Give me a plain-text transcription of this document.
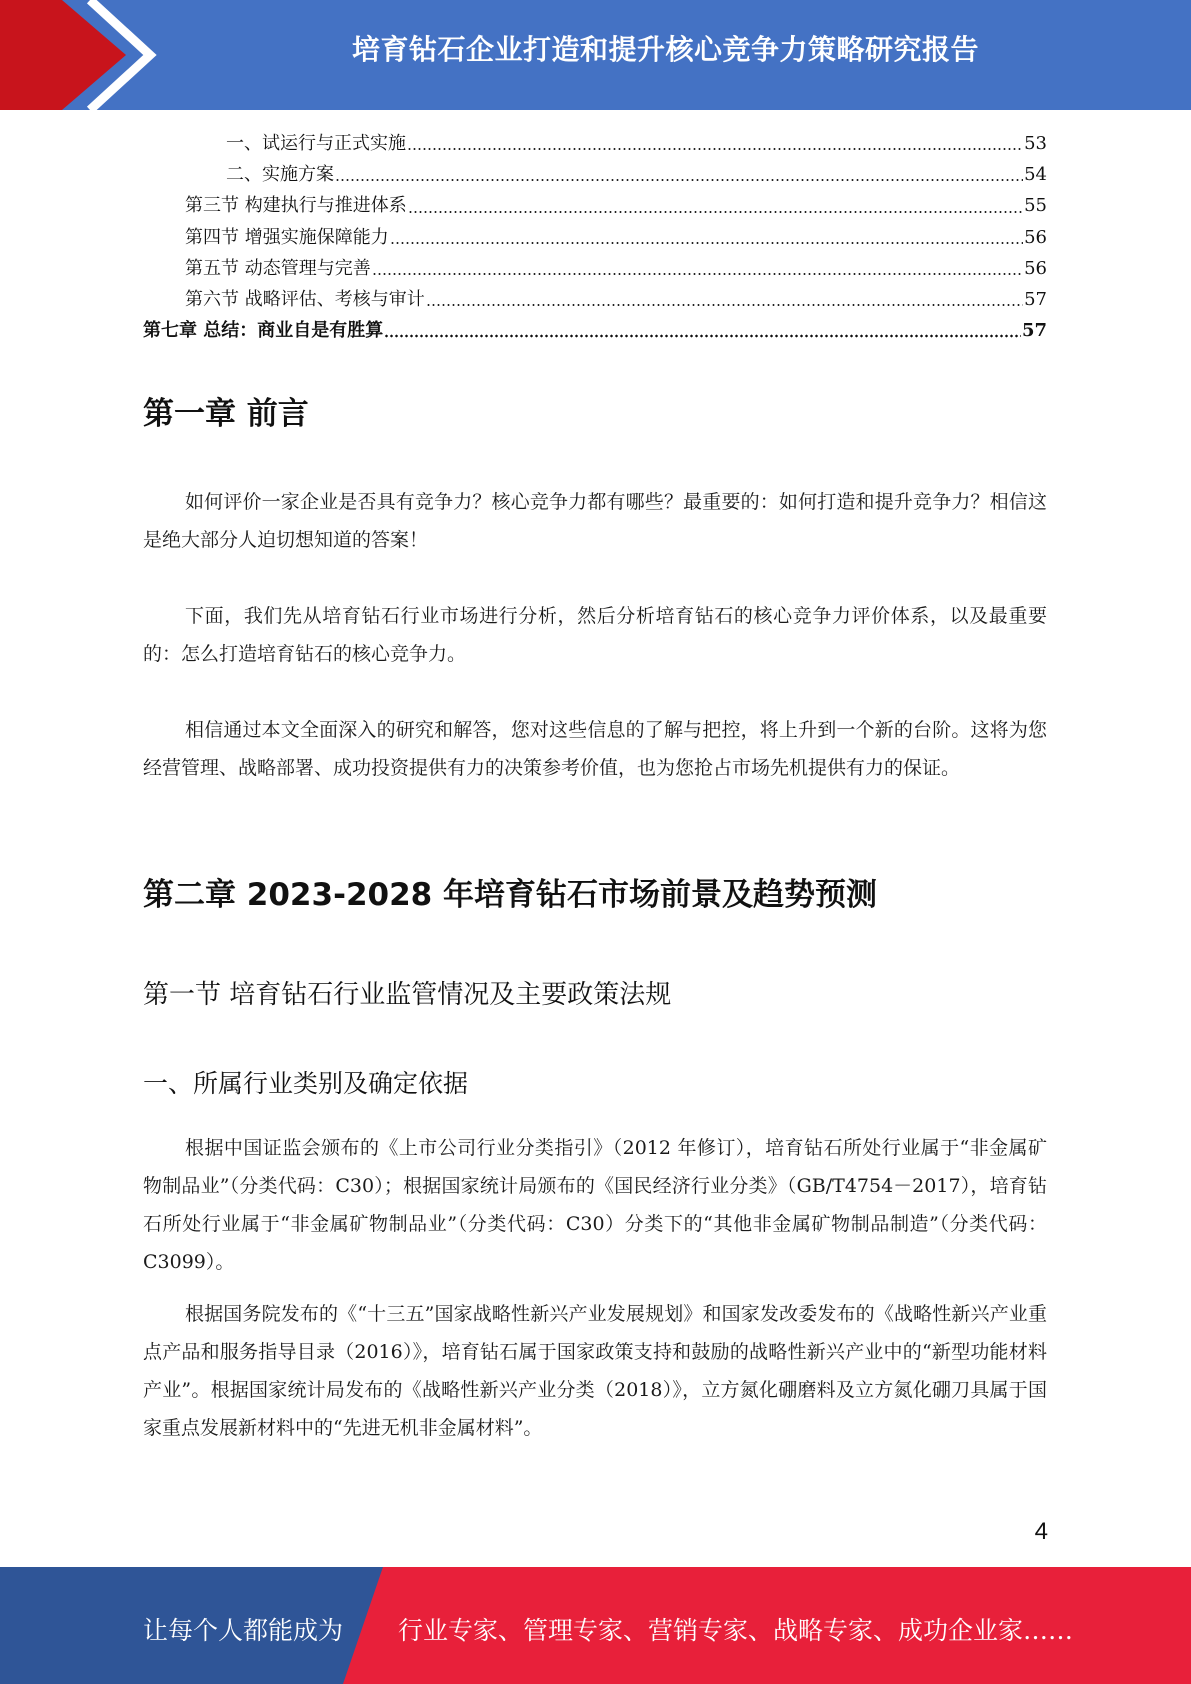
培育钻石企业打造和提升核心竞争力策略研究报告
一、试运行与正式实施	53
二、实施方案	54
第三节 构建执行与推进体系	55
第四节 增强实施保障能力	56
第五节 动态管理与完善	56
第六节 战略评估、考核与审计	57
第七章 总结：商业自是有胜算	57
第一章 前言

如何评价一家企业是否具有竞争力？核心竞争力都有哪些？最重要的：如何打造和提升竞争力？相信这是绝大部分人迫切想知道的答案！

下面，我们先从培育钻石行业市场进行分析，然后分析培育钻石的核心竞争力评价体系，以及最重要的：怎么打造培育钻石的核心竞争力。

相信通过本文全面深入的研究和解答，您对这些信息的了解与把控，将上升到一个新的台阶。这将为您经营管理、战略部署、成功投资提供有力的决策参考价值，也为您抢占市场先机提供有力的保证。

第二章 2023-2028 年培育钻石市场前景及趋势预测
第一节 培育钻石行业监管情况及主要政策法规
一、所属行业类别及确定依据

根据中国证监会颁布的《上市公司行业分类指引》（2012 年修订），培育钻石所处行业属于“非金属矿物制品业”（分类代码：C30）；根据国家统计局颁布的《国民经济行业分类》（GB/T4754－2017），培育钻石所处行业属于“非金属矿物制品业”（分类代码：C30）分类下的“其他非金属矿物制品制造”（分类代码：C3099）。

根据国务院发布的《“十三五”国家战略性新兴产业发展规划》和国家发改委发布的《战略性新兴产业重点产品和服务指导目录（2016）》，培育钻石属于国家政策支持和鼓励的战略性新兴产业中的“新型功能材料产业”。根据国家统计局发布的《战略性新兴产业分类（2018）》，立方氮化硼磨料及立方氮化硼刀具属于国家重点发展新材料中的“先进无机非金属材料”。

4
让每个人都能成为 行业专家、管理专家、营销专家、战略专家、成功企业家……
